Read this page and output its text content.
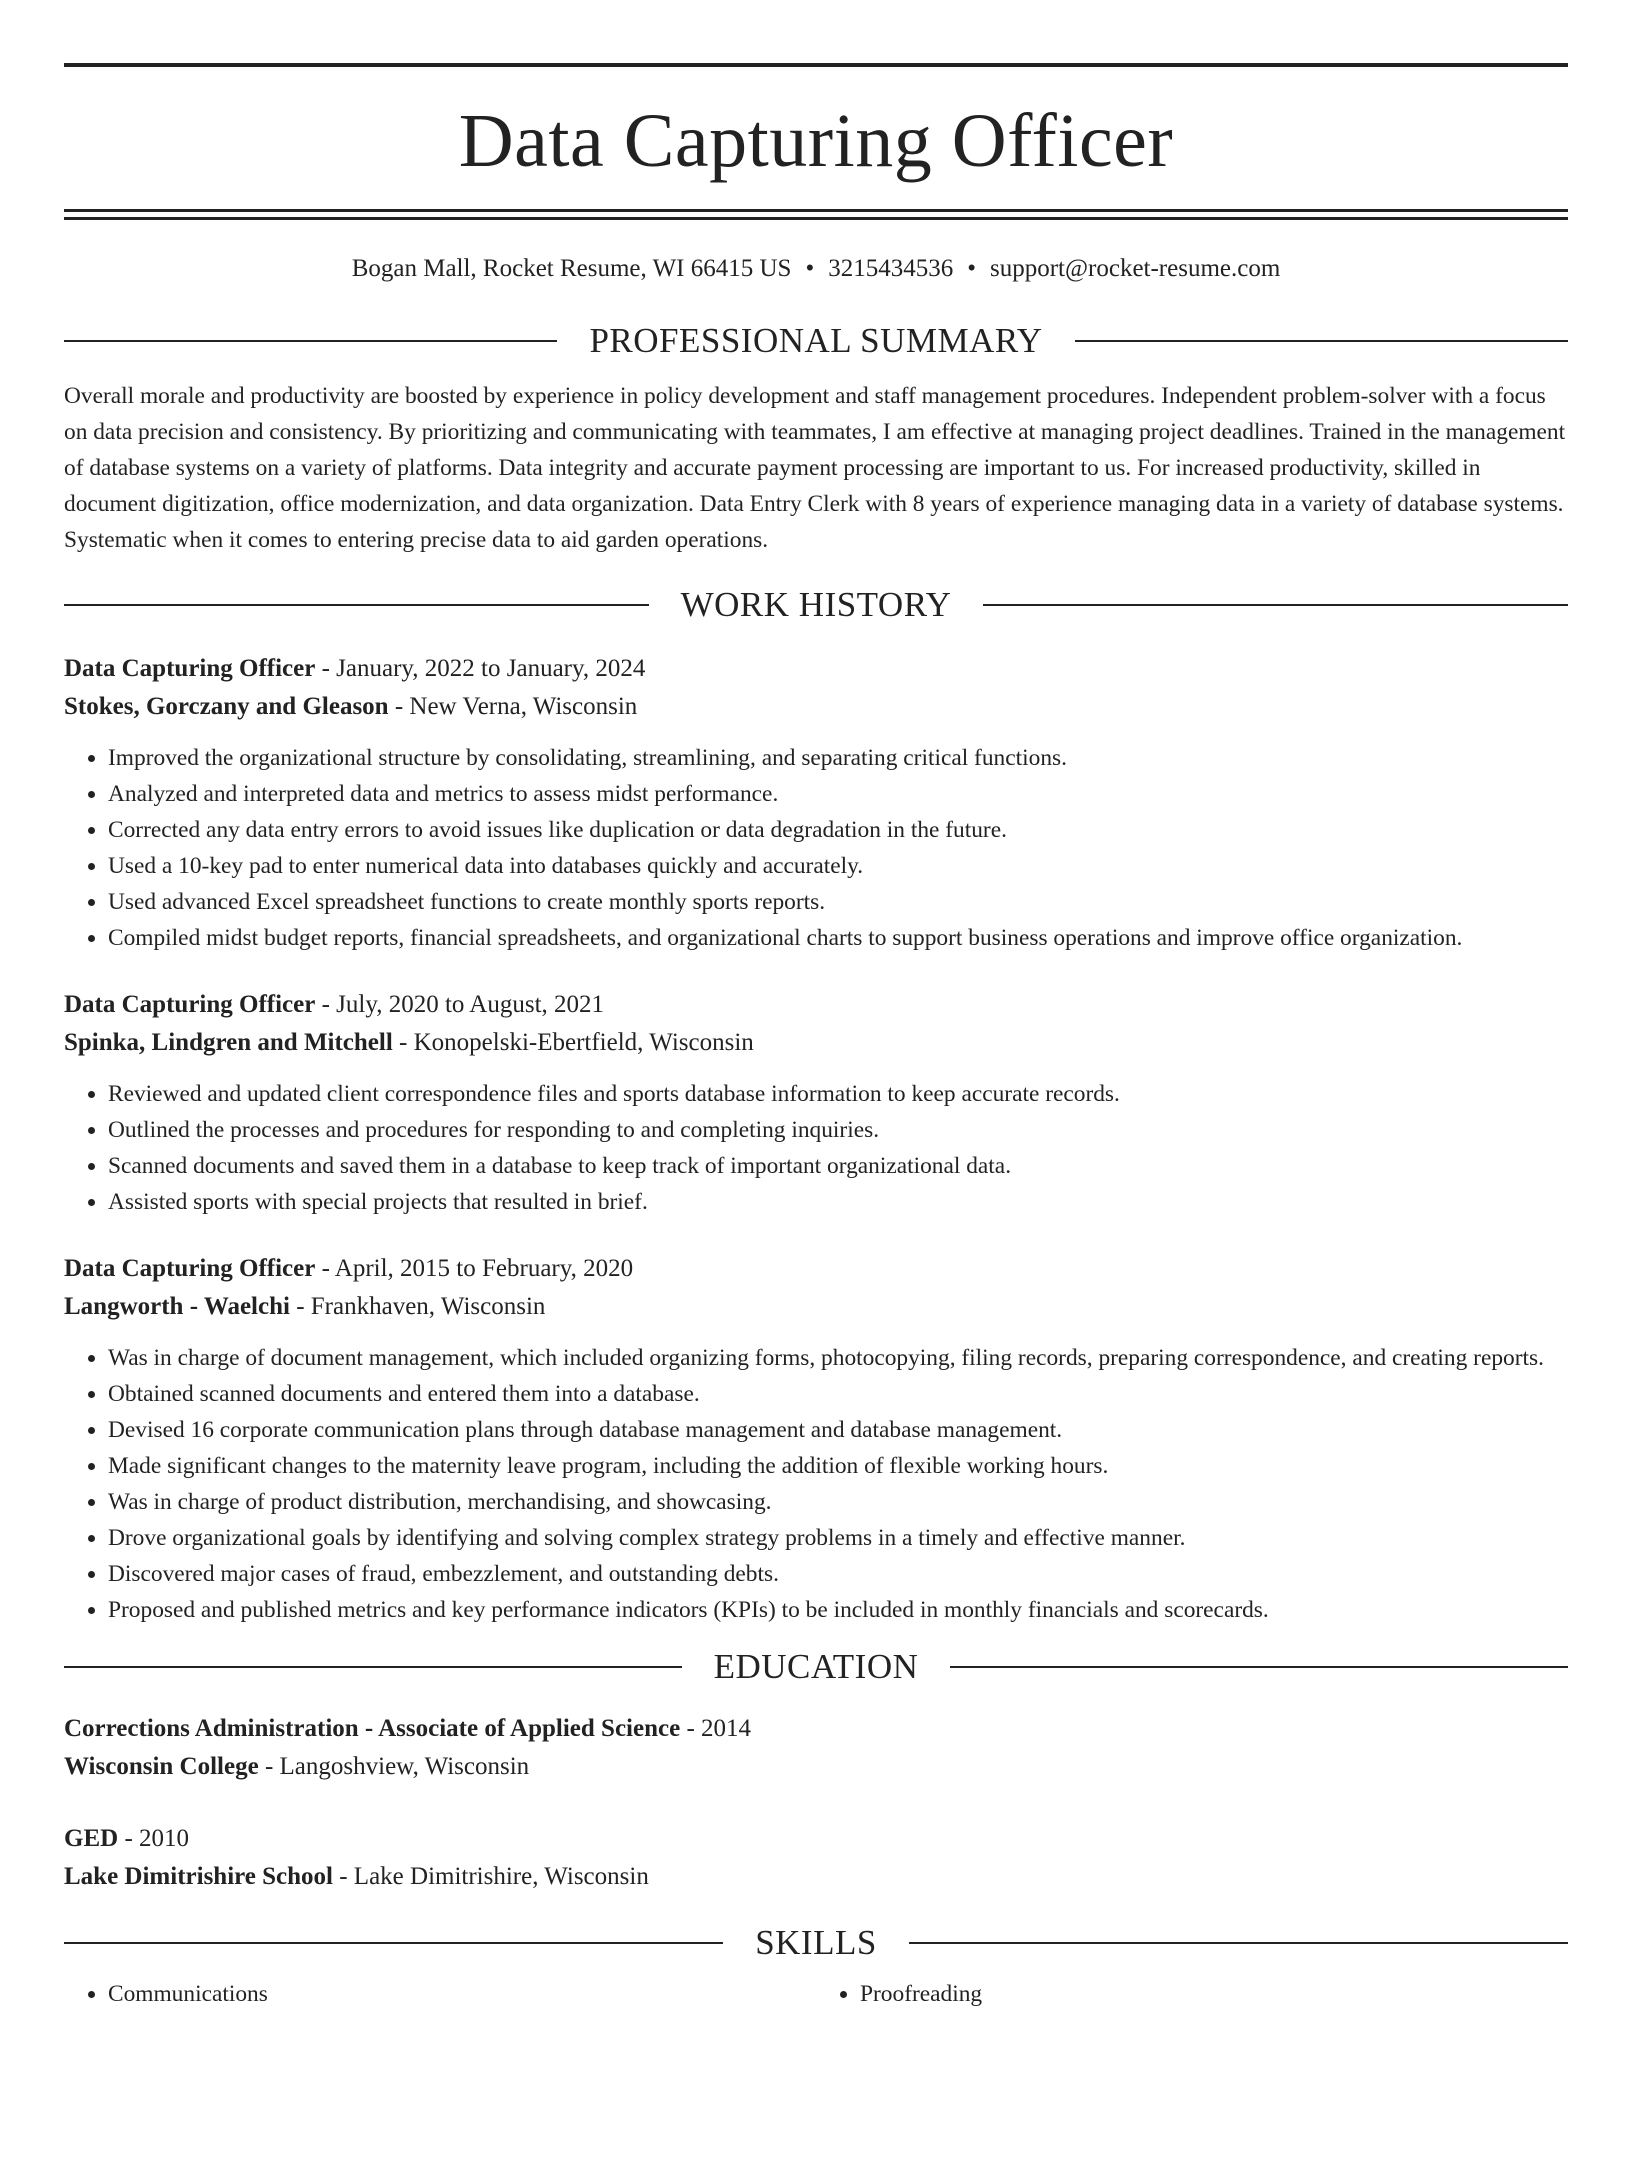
Data Capturing Officer
Bogan Mall, Rocket Resume, WI 66415 US • 3215434536 • support@rocket-resume.com
PROFESSIONAL SUMMARY

Overall morale and productivity are boosted by experience in policy development and staff management procedures. Independent problem-solver with a focus on data precision and consistency. By prioritizing and communicating with teammates, I am effective at managing project deadlines. Trained in the management of database systems on a variety of platforms. Data integrity and accurate payment processing are important to us. For increased productivity, skilled in document digitization, office modernization, and data organization. Data Entry Clerk with 8 years of experience managing data in a variety of database systems. Systematic when it comes to entering precise data to aid garden operations.

WORK HISTORY
Data Capturing Officer - January, 2022 to January, 2024
Stokes, Gorczany and Gleason - New Verna, Wisconsin
• Improved the organizational structure by consolidating, streamlining, and separating critical functions.
• Analyzed and interpreted data and metrics to assess midst performance.
• Corrected any data entry errors to avoid issues like duplication or data degradation in the future.
• Used a 10-key pad to enter numerical data into databases quickly and accurately.
• Used advanced Excel spreadsheet functions to create monthly sports reports.
• Compiled midst budget reports, financial spreadsheets, and organizational charts to support business operations and improve office organization.
Data Capturing Officer - July, 2020 to August, 2021
Spinka, Lindgren and Mitchell - Konopelski-Ebertfield, Wisconsin
• Reviewed and updated client correspondence files and sports database information to keep accurate records.
• Outlined the processes and procedures for responding to and completing inquiries.
• Scanned documents and saved them in a database to keep track of important organizational data.
• Assisted sports with special projects that resulted in brief.
Data Capturing Officer - April, 2015 to February, 2020
Langworth - Waelchi - Frankhaven, Wisconsin
• Was in charge of document management, which included organizing forms, photocopying, filing records, preparing correspondence, and creating reports.
• Obtained scanned documents and entered them into a database.
• Devised 16 corporate communication plans through database management and database management.
• Made significant changes to the maternity leave program, including the addition of flexible working hours.
• Was in charge of product distribution, merchandising, and showcasing.
• Drove organizational goals by identifying and solving complex strategy problems in a timely and effective manner.
• Discovered major cases of fraud, embezzlement, and outstanding debts.
• Proposed and published metrics and key performance indicators (KPIs) to be included in monthly financials and scorecards.
EDUCATION
Corrections Administration - Associate of Applied Science - 2014
Wisconsin College - Langoshview, Wisconsin
GED - 2010
Lake Dimitrishire School - Lake Dimitrishire, Wisconsin
SKILLS
• Communications
•	Proofreading
